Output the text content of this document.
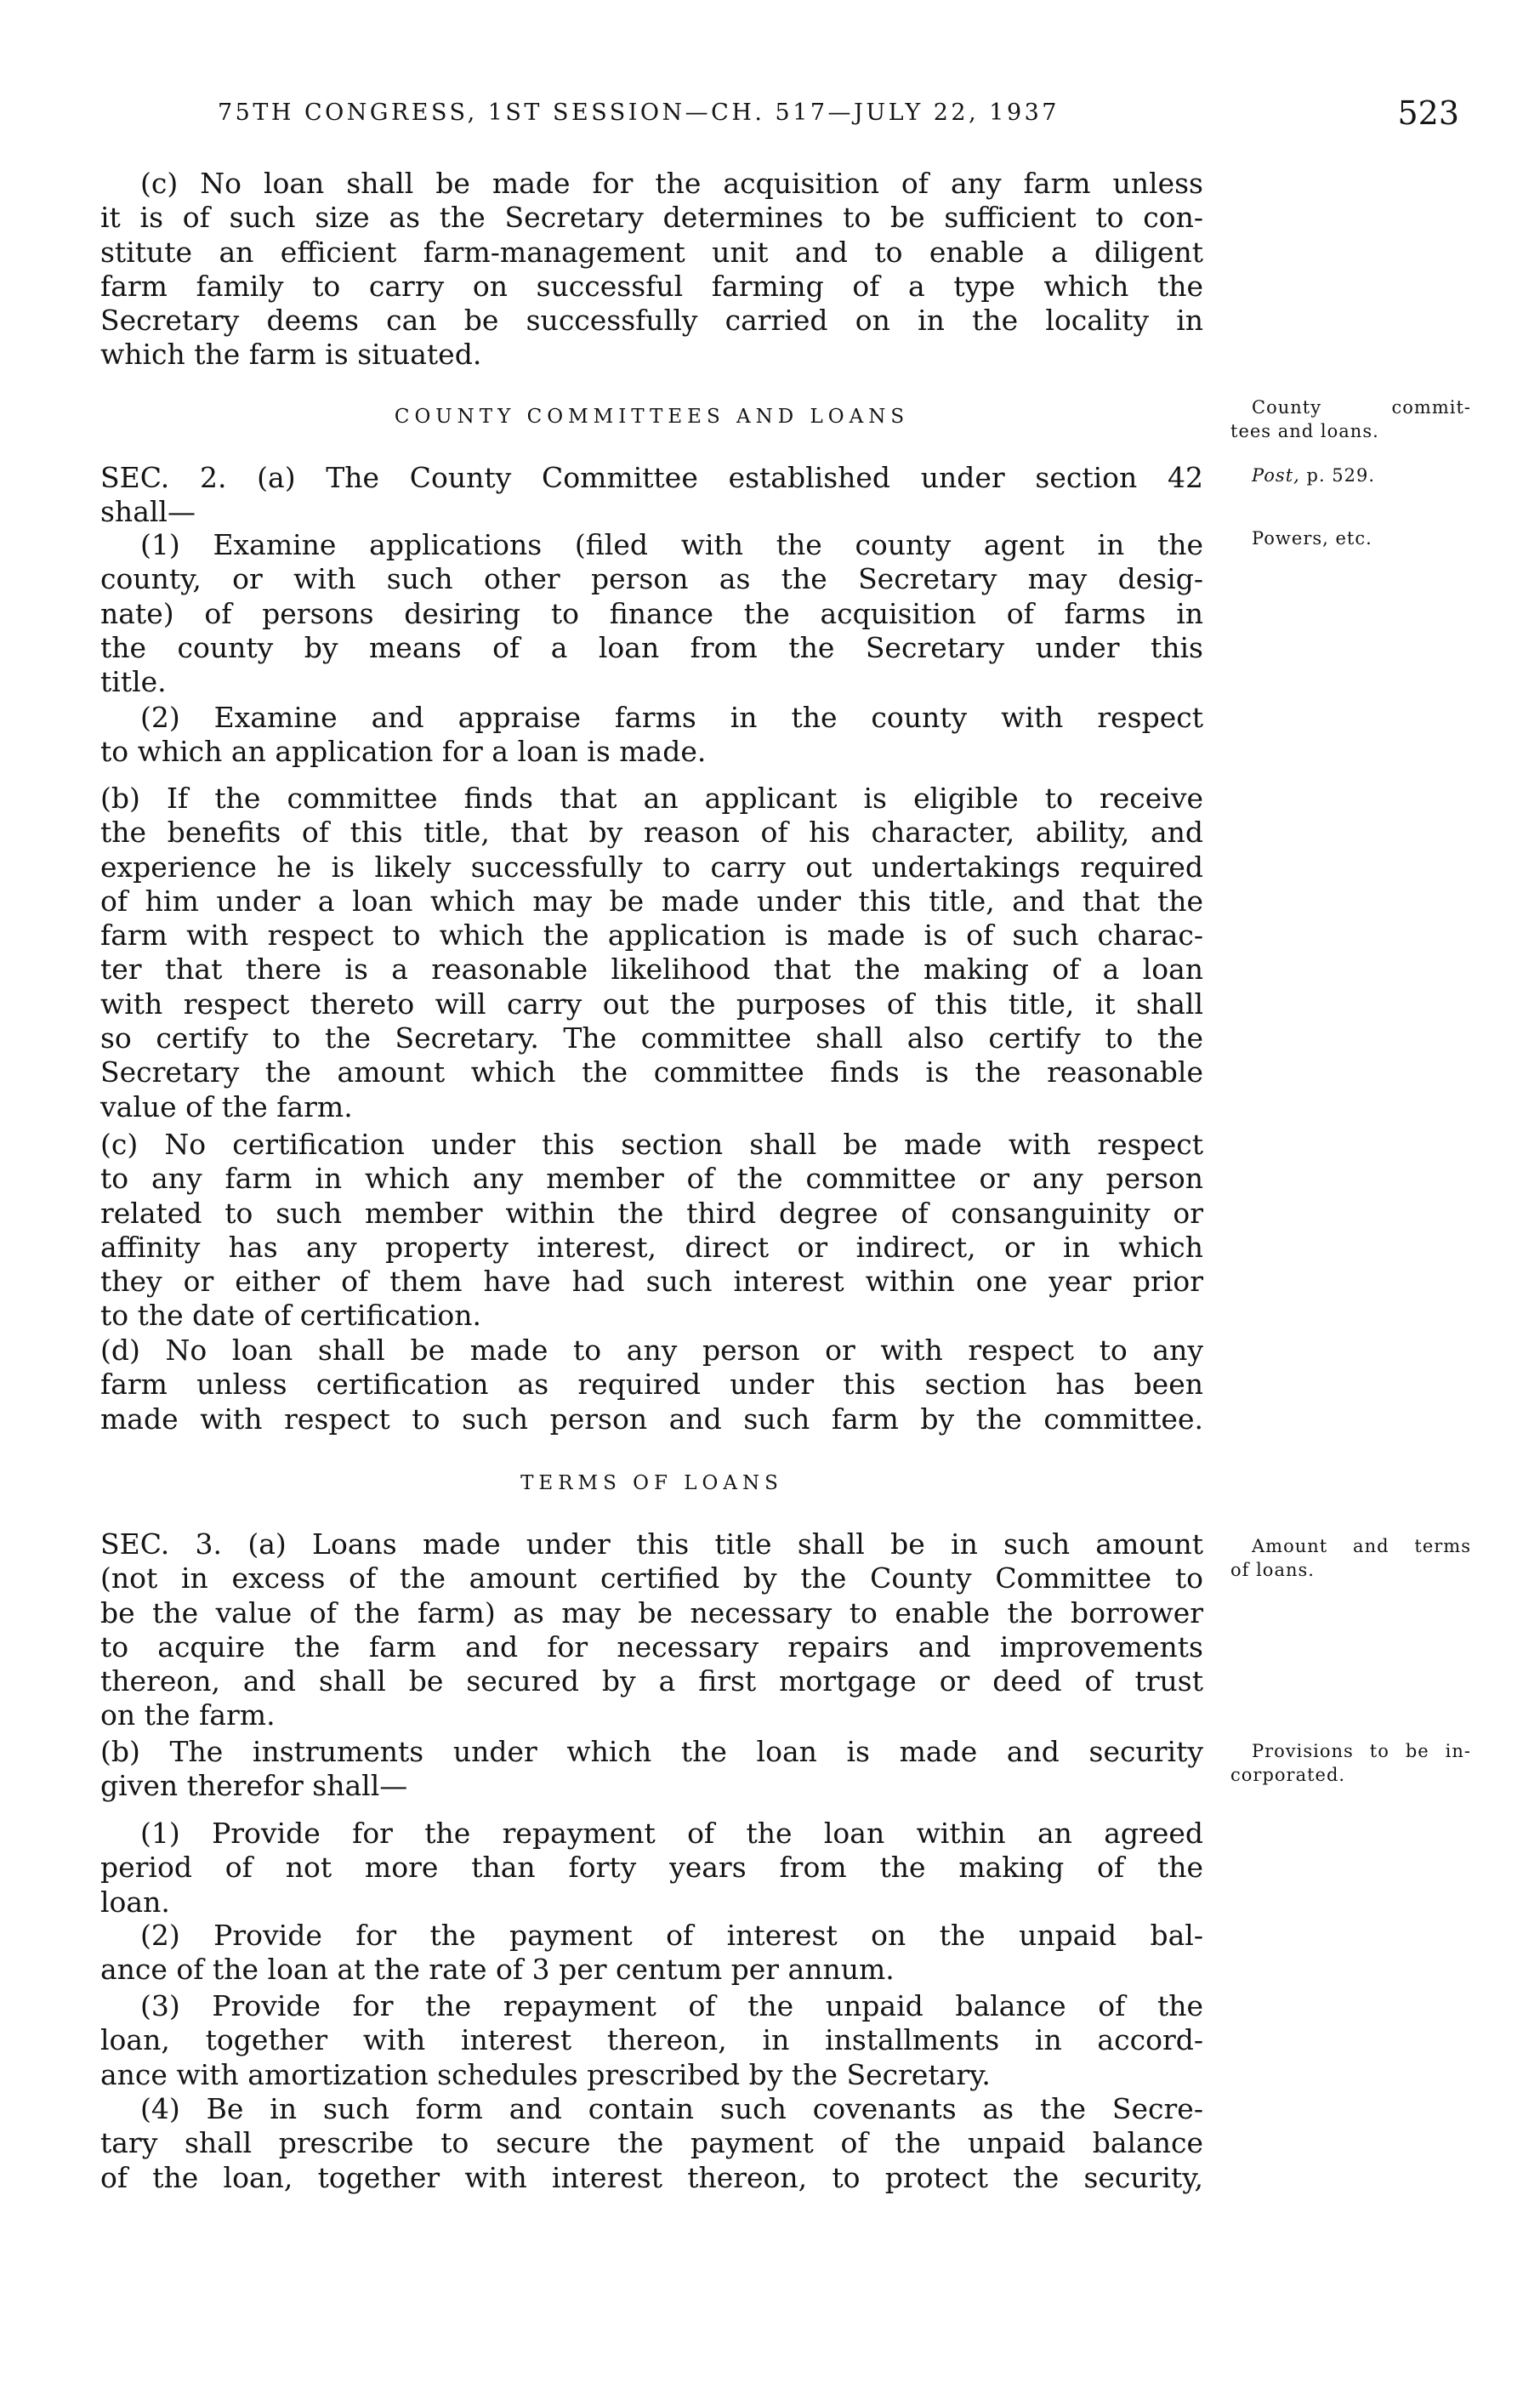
75TH CONGRESS, 1ST SESSION—CH. 517—JULY 22, 1937	523
(c) No loan shall be made for the acquisition of any farm unless
it is of such size as the Secretary determines to be sufficient to con-
stitute an efficient farm-management unit and to enable a diligent
farm family to carry on successful farming of a type which the
Secretary deems can be successfully carried on in the locality in
which the farm is situated.
COUNTY COMMITTEES AND LOANS
SEC. 2. (a) The County Committee established under section 42
shall—
(1) Examine applications (filed with the county agent in the
county, or with such other person as the Secretary may desig-
nate) of persons desiring to finance the acquisition of farms in
the county by means of a loan from the Secretary under this
title.
(2) Examine and appraise farms in the county with respect
to which an application for a loan is made.
(b) If the committee finds that an applicant is eligible to receive
the benefits of this title, that by reason of his character, ability, and
experience he is likely successfully to carry out undertakings required
of him under a loan which may be made under this title, and that the
farm with respect to which the application is made is of such charac-
ter that there is a reasonable likelihood that the making of a loan
with respect thereto will carry out the purposes of this title, it shall
so certify to the Secretary. The committee shall also certify to the
Secretary the amount which the committee finds is the reasonable
value of the farm.
(c) No certification under this section shall be made with respect
to any farm in which any member of the committee or any person
related to such member within the third degree of consanguinity or
affinity has any property interest, direct or indirect, or in which
they or either of them have had such interest within one year prior
to the date of certification.
(d) No loan shall be made to any person or with respect to any
farm unless certification as required under this section has been
made with respect to such person and such farm by the committee.
TERMS OF LOANS
SEC. 3. (a) Loans made under this title shall be in such amount
(not in excess of the amount certified by the County Committee to
be the value of the farm) as may be necessary to enable the borrower
to acquire the farm and for necessary repairs and improvements
thereon, and shall be secured by a first mortgage or deed of trust
on the farm.
(b) The instruments under which the loan is made and security
given therefor shall—
(1) Provide for the repayment of the loan within an agreed
period of not more than forty years from the making of the
loan.
(2) Provide for the payment of interest on the unpaid bal-
ance of the loan at the rate of 3 per centum per annum.
(3) Provide for the repayment of the unpaid balance of the
loan, together with interest thereon, in installments in accord-
ance with amortization schedules prescribed by the Secretary.
(4) Be in such form and contain such covenants as the Secre-
tary shall prescribe to secure the payment of the unpaid balance
of the loan, together with interest thereon, to protect the security,
County commit-
tees and loans.
Post, p. 529.
Powers, etc.
Amount and terms
of loans.
Provisions to be in-
corporated.
